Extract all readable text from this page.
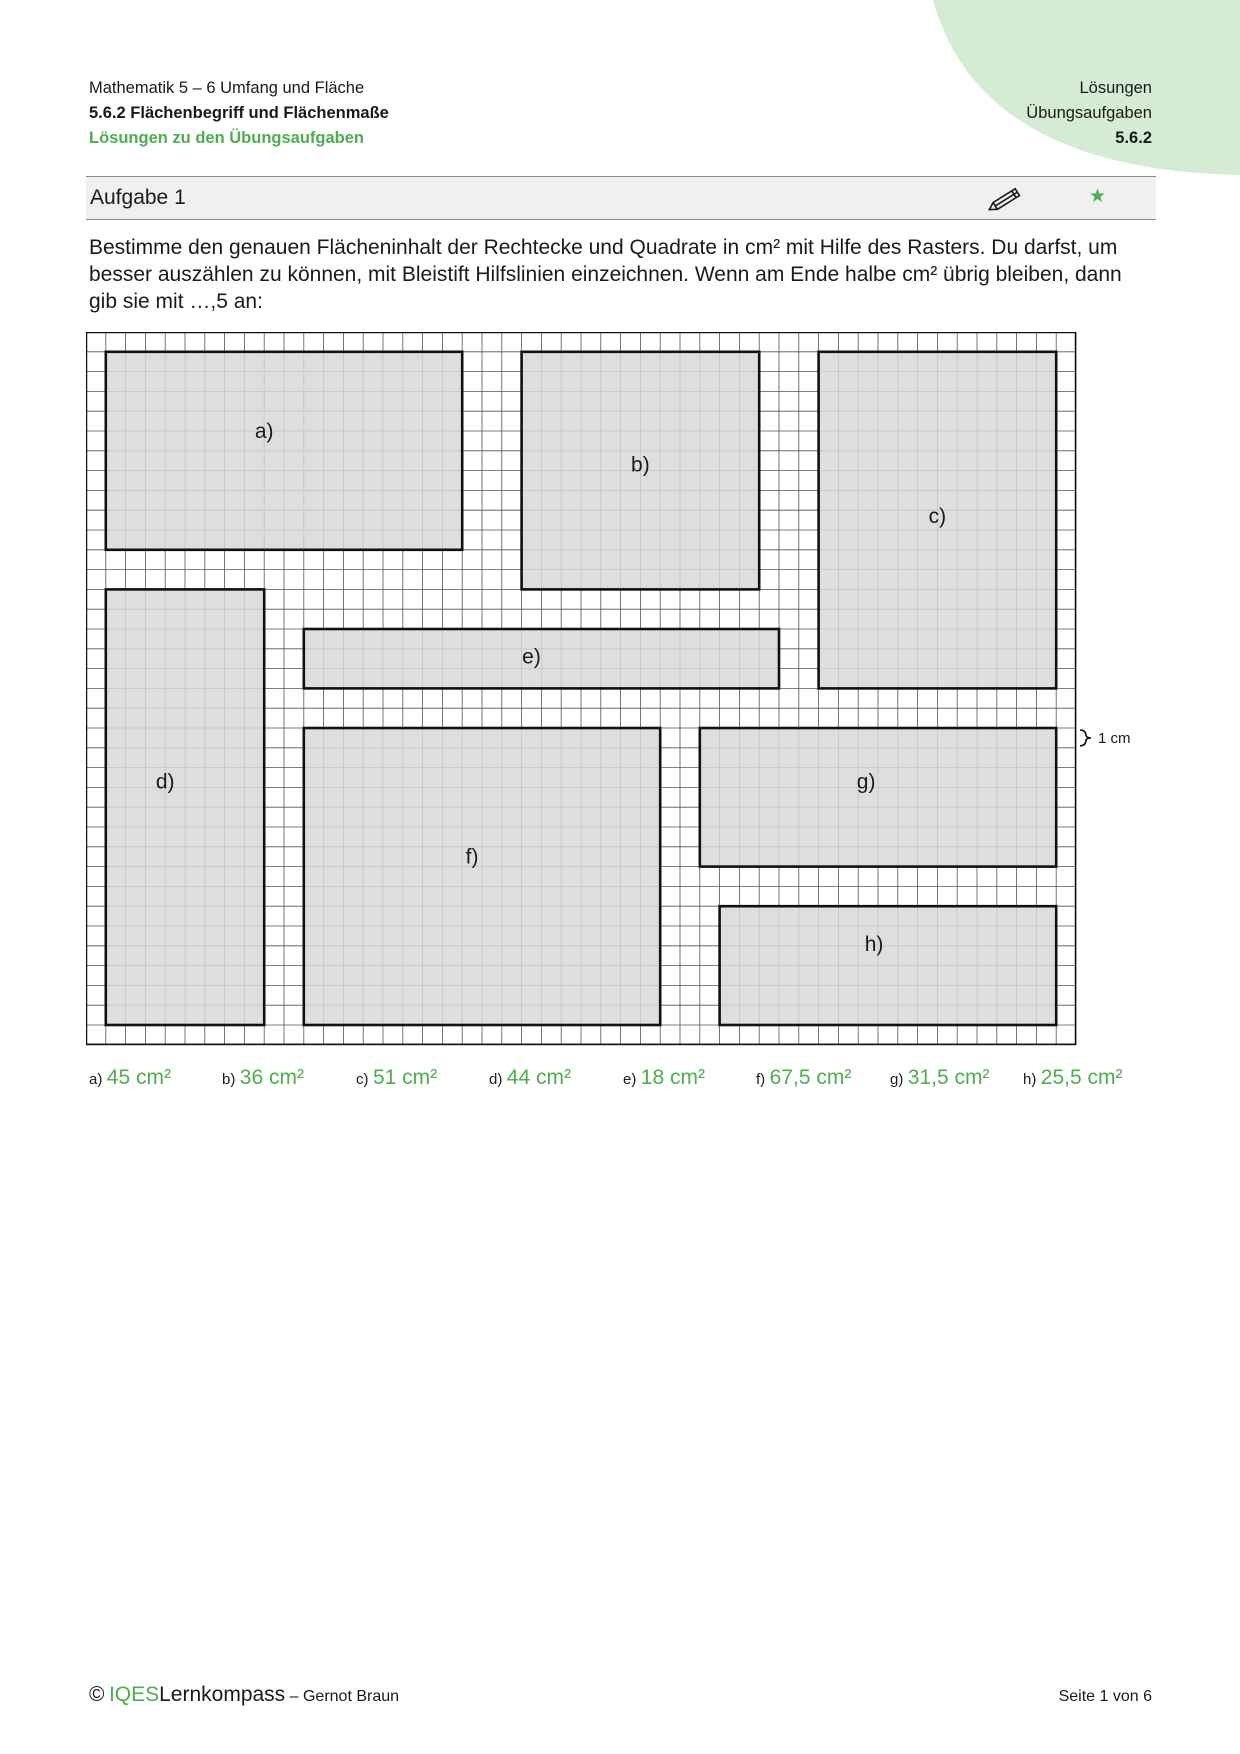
Mathematik 5 – 6 Umfang und Fläche
5.6.2 Flächenbegriff und Flächenmaße
Lösungen zu den Übungsaufgaben
Lösungen
Übungsaufgaben
5.6.2
Aufgabe 1	★
Bestimme den genauen Flächeninhalt der Rechtecke und Quadrate in cm² mit Hilfe des Rasters. Du darfst, um besser auszählen zu können, mit Bleistift Hilfslinien einzeichnen. Wenn am Ende halbe cm² übrig bleiben, dann gib sie mit …,5 an:
a)
b)
c)
d)
e)
f)
g)
h)
1 cm
a) 45 cm²	b) 36 cm²	c) 51 cm²	d) 44 cm²	e) 18 cm²	f) 67,5 cm²	g) 31,5 cm² h) 25,5 cm²
© IQESLernkompass – Gernot Braun	Seite 1 von 6
